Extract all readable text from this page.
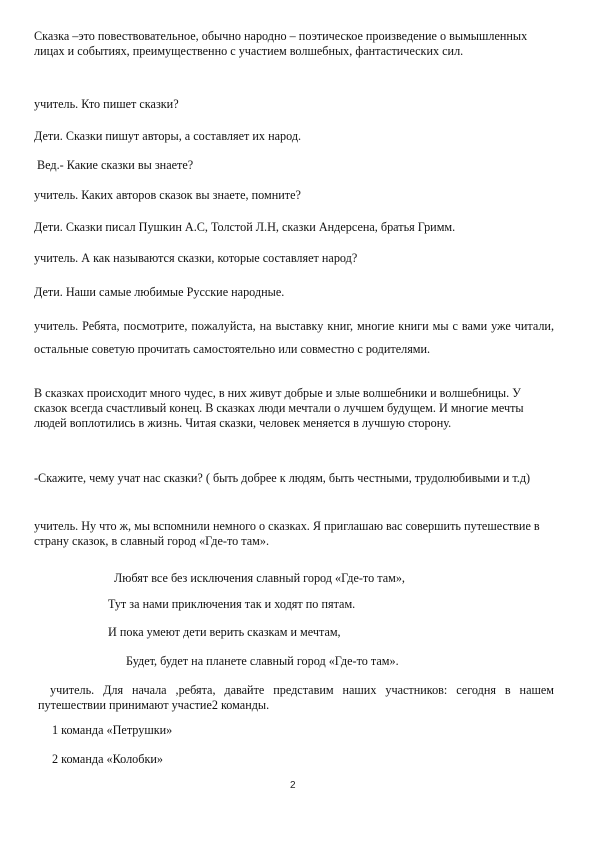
Сказка –это повествовательное, обычно народно – поэтическое произведение о вымышленных лицах и событиях, преимущественно с участием волшебных, фантастических сил.

учитель. Кто пишет сказки?

Дети. Сказки пишут авторы, а составляет их народ.

Вед.- Какие сказки вы знаете?

учитель. Каких авторов сказок вы знаете, помните?

Дети. Сказки писал Пушкин А.С, Толстой Л.Н, сказки Андерсена, братья Гримм.

учитель. А как называются сказки, которые составляет народ?

Дети. Наши самые любимые Русские народные.

учитель. Ребята, посмотрите, пожалуйста, на выставку книг, многие книги мы с вами уже читали, остальные советую прочитать самостоятельно или совместно с родителями.

В сказках происходит много чудес, в них живут добрые и злые волшебники и волшебницы. У сказок всегда счастливый конец. В сказках люди мечтали о лучшем будущем. И многие мечты людей воплотились в жизнь. Читая сказки, человек меняется в лучшую сторону.

-Скажите, чему учат нас сказки? ( быть добрее к людям, быть честными, трудолюбивыми и т.д)

учитель. Ну что ж, мы вспомнили немного о сказках. Я приглашаю вас совершить путешествие в страну сказок, в славный город «Где-то там».

Любят все без исключения славный город «Где-то там»,

Тут за нами приключения так и ходят по пятам.

И пока умеют дети верить сказкам и мечтам,

Будет, будет на планете славный город «Где-то там».

учитель. Для начала ,ребята, давайте представим наших участников: сегодня в нашем путешествии принимают участие2 команды.

1 команда «Петрушки»

2 команда «Колобки»

2
